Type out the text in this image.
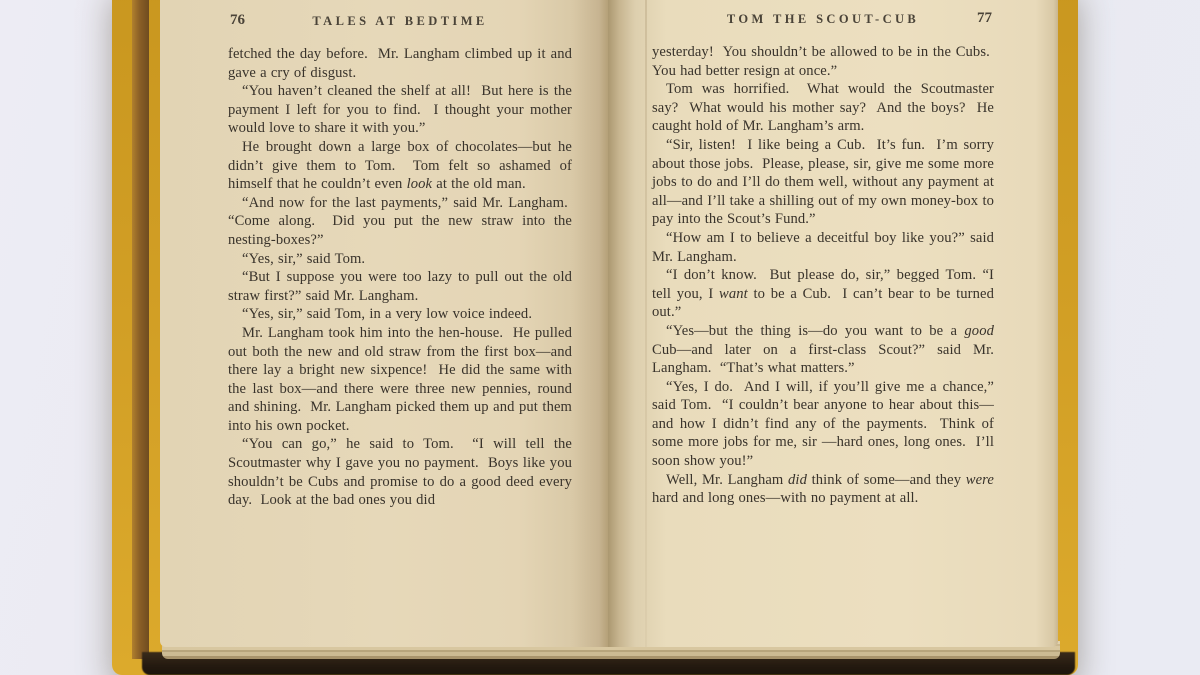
76	TALES AT BEDTIME

fetched the day before.  Mr. Langham climbed up it and gave a cry of disgust.

“You haven’t cleaned the shelf at all!  But here is the payment I left for you to find.  I thought your mother would love to share it with you.”

He brought down a large box of chocolates—but he didn’t give them to Tom.  Tom felt so ashamed of himself that he couldn’t even look at the old man.

“And now for the last payments,” said Mr. Langham.  “Come along.  Did you put the new straw into the nesting-boxes?”

“Yes, sir,” said Tom.

“But I suppose you were too lazy to pull out the old straw first?” said Mr. Langham.

“Yes, sir,” said Tom, in a very low voice indeed.

Mr. Langham took him into the hen-house.  He pulled out both the new and old straw from the first box—and there lay a bright new sixpence!  He did the same with the last box—and there were three new pennies, round and shining.  Mr. Langham picked them up and put them into his own pocket.

“You can go,” he said to Tom.  “I will tell the Scoutmaster why I gave you no payment.  Boys like you shouldn’t be Cubs and promise to do a good deed every day.  Look at the bad ones you did

TOM THE SCOUT-CUB	77

yesterday!  You shouldn’t be allowed to be in the Cubs.  You had better resign at once.”

Tom was horrified.  What would the Scoutmaster say?  What would his mother say?  And the boys?  He caught hold of Mr. Langham’s arm.

“Sir, listen!  I like being a Cub.  It’s fun.  I’m sorry about those jobs.  Please, please, sir, give me some more jobs to do and I’ll do them well, without any payment at all—and I’ll take a shilling out of my own money-box to pay into the Scout’s Fund.”

“How am I to believe a deceitful boy like you?” said Mr. Langham.

“I don’t know.  But please do, sir,” begged Tom. “I tell you, I want to be a Cub.  I can’t bear to be turned out.”

“Yes—but the thing is—do you want to be a good Cub—and later on a first-class Scout?” said Mr. Langham.  “That’s what matters.”

“Yes, I do.  And I will, if you’ll give me a chance,” said Tom.  “I couldn’t bear anyone to hear about this—and how I didn’t find any of the payments.  Think of some more jobs for me, sir —hard ones, long ones.  I’ll soon show you!”

Well, Mr. Langham did think of some—and they were hard and long ones—with no payment at all.
